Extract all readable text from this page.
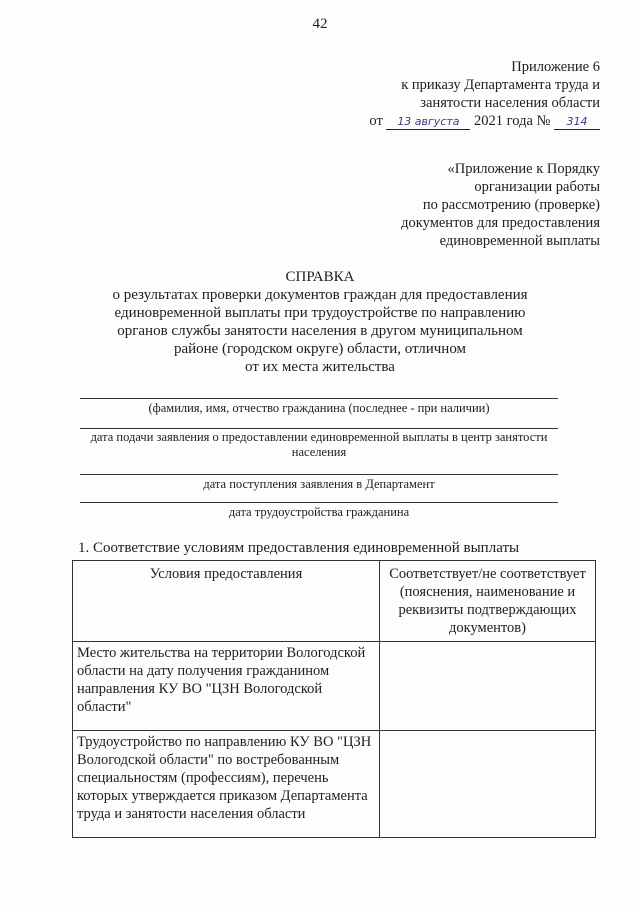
42
Приложение 6
к приказу Департамента труда и
занятости населения области
от 13 августа 2021 года № 314
«Приложение к Порядку
организации работы
по рассмотрению (проверке)
документов для предоставления
единовременной выплаты
СПРАВКА
о результатах проверки документов граждан для предоставления
единовременной выплаты при трудоустройстве по направлению
органов службы занятости населения в другом муниципальном
районе (городском округе) области, отличном
от их места жительства
(фамилия, имя, отчество гражданина (последнее - при наличии)
дата подачи заявления о предоставлении единовременной выплаты в центр занятости населения
дата поступления заявления в Департамент
дата трудоустройства гражданина
1. Соответствие условиям предоставления единовременной выплаты
Условия предоставления	Соответствует/не соответствует (пояснения, наименование и реквизиты подтверждающих документов)
Место жительства на территории Вологодской области на дату получения гражданином направления КУ ВО "ЦЗН Вологодской области"	
Трудоустройство по направлению КУ ВО "ЦЗН Вологодской области" по востребованным специальностям (профессиям), перечень которых утверждается приказом Департамента труда и занятости населения области	
